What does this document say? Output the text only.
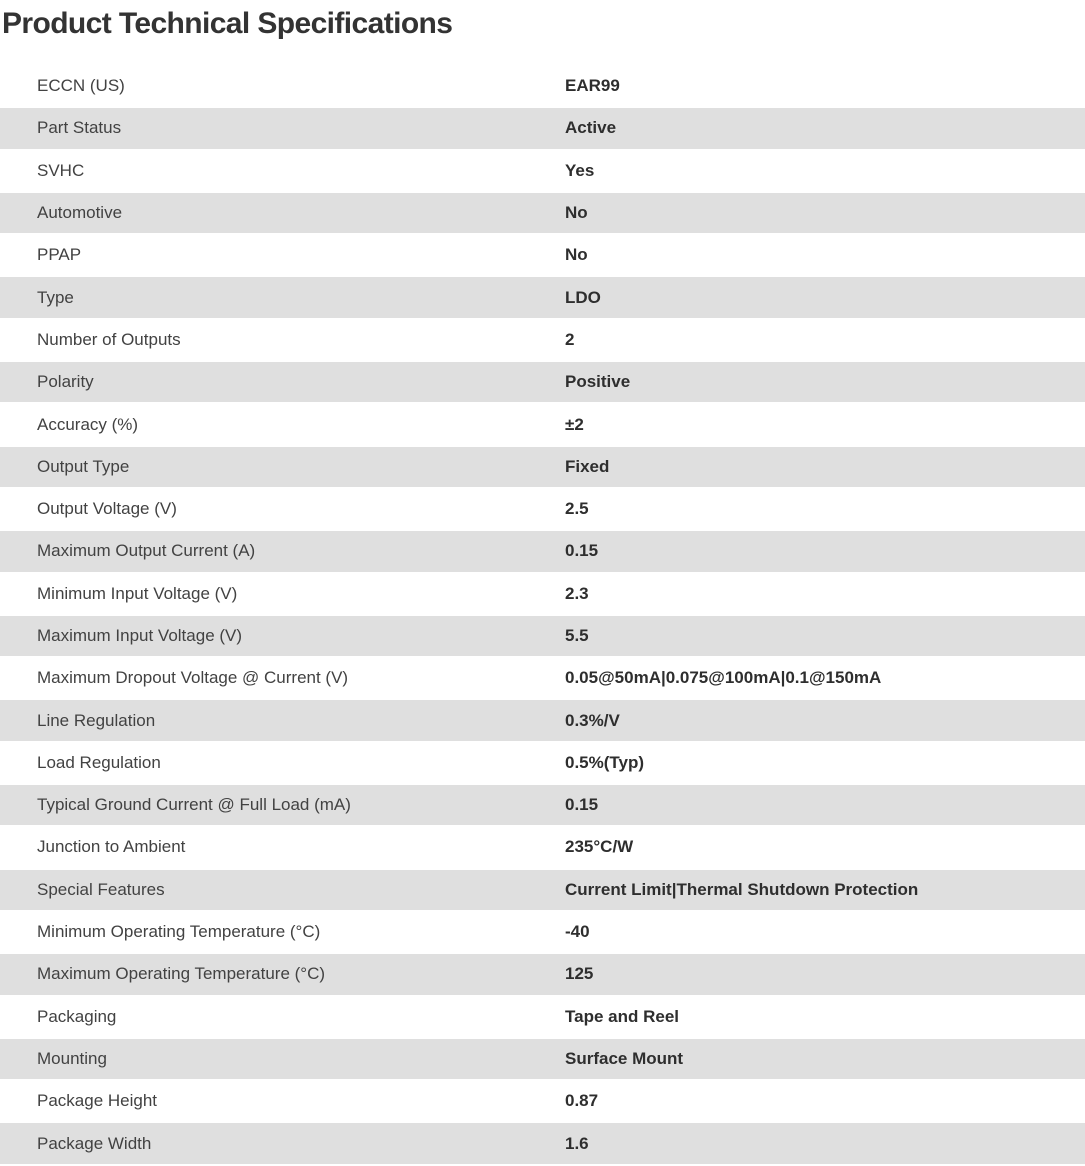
Product Technical Specifications
ECCN (US)	EAR99
Part Status	Active
SVHC	Yes
Automotive	No
PPAP	No
Type	LDO
Number of Outputs	2
Polarity	Positive
Accuracy (%)	±2
Output Type	Fixed
Output Voltage (V)	2.5
Maximum Output Current (A)	0.15
Minimum Input Voltage (V)	2.3
Maximum Input Voltage (V)	5.5
Maximum Dropout Voltage @ Current (V)	0.05@50mA|0.075@100mA|0.1@150mA
Line Regulation	0.3%/V
Load Regulation	0.5%(Typ)
Typical Ground Current @ Full Load (mA)	0.15
Junction to Ambient	235°C/W
Special Features	Current Limit|Thermal Shutdown Protection
Minimum Operating Temperature (°C)	-40
Maximum Operating Temperature (°C)	125
Packaging	Tape and Reel
Mounting	Surface Mount
Package Height	0.87
Package Width	1.6
